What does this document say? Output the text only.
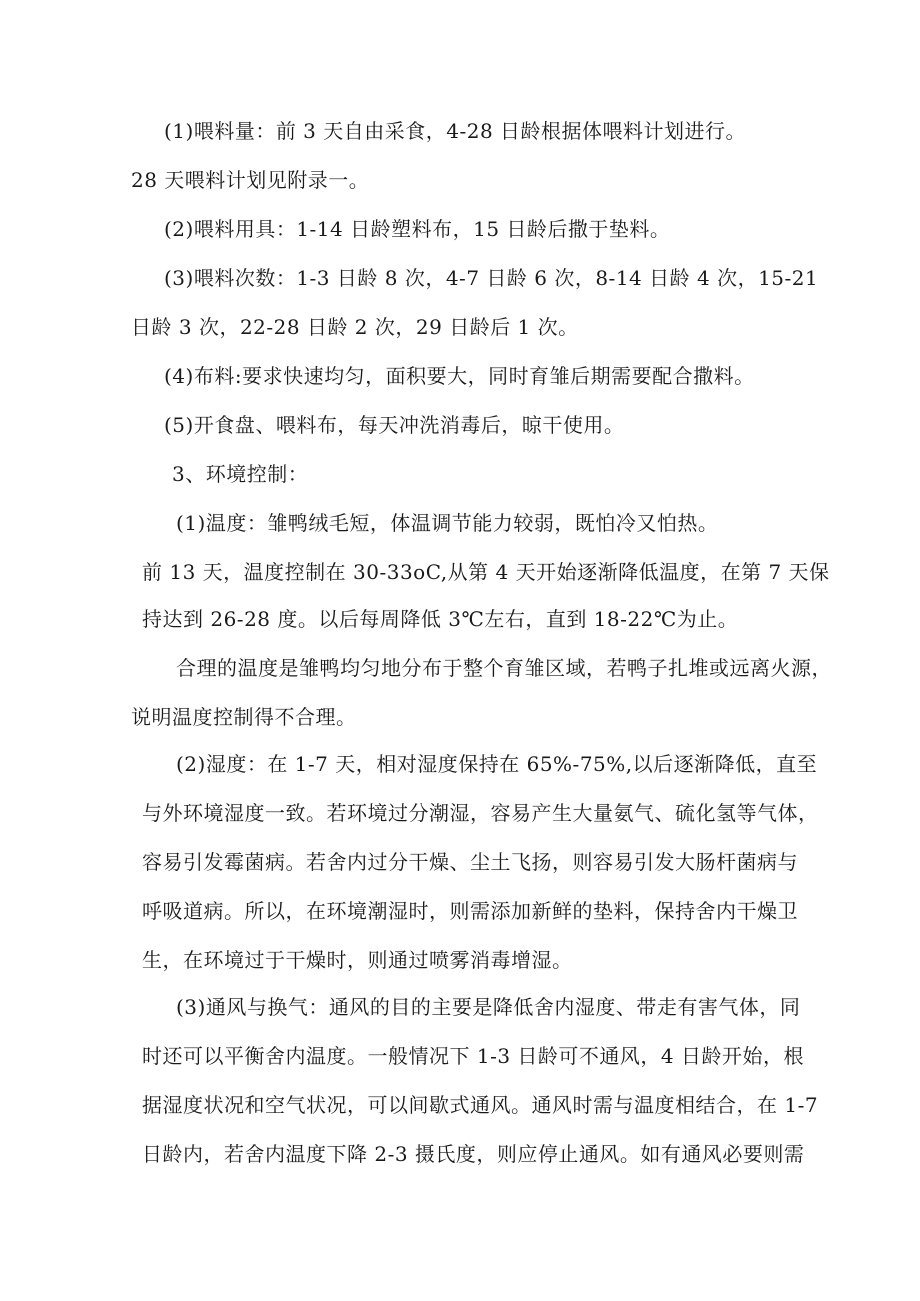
(1)喂料量：前 3 天自由采食，4-28 日龄根据体喂料计划进行。
28 天喂料计划见附录一。
(2)喂料用具：1-14 日龄塑料布，15 日龄后撒于垫料。
(3)喂料次数：1-3 日龄 8 次，4-7 日龄 6 次，8-14 日龄 4 次，15-21
日龄 3 次，22-28 日龄 2 次，29 日龄后 1 次。
(4)布料:要求快速均匀，面积要大，同时育雏后期需要配合撒料。
(5)开食盘、喂料布，每天冲洗消毒后，晾干使用。
3、环境控制：
(1)温度：雏鸭绒毛短，体温调节能力较弱，既怕冷又怕热。
前 13 天，温度控制在 30-33oC,从第 4 天开始逐渐降低温度，在第 7 天保
持达到 26-28 度。以后每周降低 3℃左右，直到 18-22℃为止。
合理的温度是雏鸭均匀地分布于整个育雏区域，若鸭子扎堆或远离火源，
说明温度控制得不合理。
(2)湿度：在 1-7 天，相对湿度保持在 65%-75%,以后逐渐降低，直至
与外环境湿度一致。若环境过分潮湿，容易产生大量氨气、硫化氢等气体，
容易引发霉菌病。若舍内过分干燥、尘土飞扬，则容易引发大肠杆菌病与
呼吸道病。所以，在环境潮湿时，则需添加新鲜的垫料，保持舍内干燥卫
生，在环境过于干燥时，则通过喷雾消毒增湿。
(3)通风与换气：通风的目的主要是降低舍内湿度、带走有害气体，同
时还可以平衡舍内温度。一般情况下 1-3 日龄可不通风，4 日龄开始，根
据湿度状况和空气状况，可以间歇式通风。通风时需与温度相结合，在 1-7
日龄内，若舍内温度下降 2-3 摄氏度，则应停止通风。如有通风必要则需
